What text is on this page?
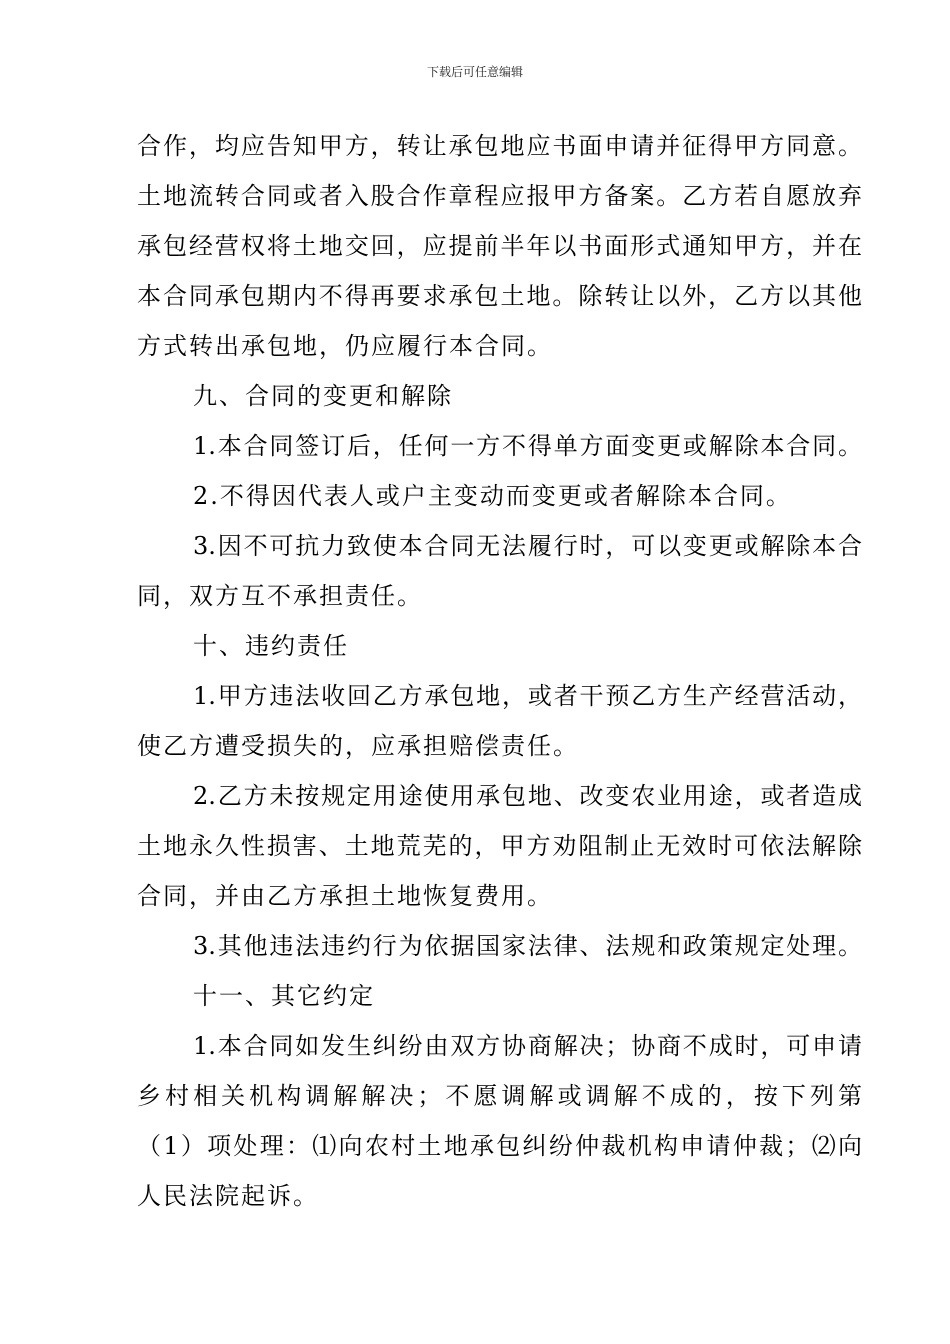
下载后可任意编辑
合作，均应告知甲方，转让承包地应书面申请并征得甲方同意。
土地流转合同或者入股合作章程应报甲方备案。乙方若自愿放弃
承包经营权将土地交回，应提前半年以书面形式通知甲方，并在
本合同承包期内不得再要求承包土地。除转让以外，乙方以其他
方式转出承包地，仍应履行本合同。
九、合同的变更和解除
1.本合同签订后，任何一方不得单方面变更或解除本合同。
2.不得因代表人或户主变动而变更或者解除本合同。
3.因不可抗力致使本合同无法履行时，可以变更或解除本合
同，双方互不承担责任。
十、违约责任
1.甲方违法收回乙方承包地，或者干预乙方生产经营活动，
使乙方遭受损失的，应承担赔偿责任。
2.乙方未按规定用途使用承包地、改变农业用途，或者造成
土地永久性损害、土地荒芜的，甲方劝阻制止无效时可依法解除
合同，并由乙方承担土地恢复费用。
3.其他违法违约行为依据国家法律、法规和政策规定处理。
十一、其它约定
1.本合同如发生纠纷由双方协商解决；协商不成时，可申请
乡村相关机构调解解决；不愿调解或调解不成的，按下列第
（1）项处理：⑴向农村土地承包纠纷仲裁机构申请仲裁；⑵向
人民法院起诉。
